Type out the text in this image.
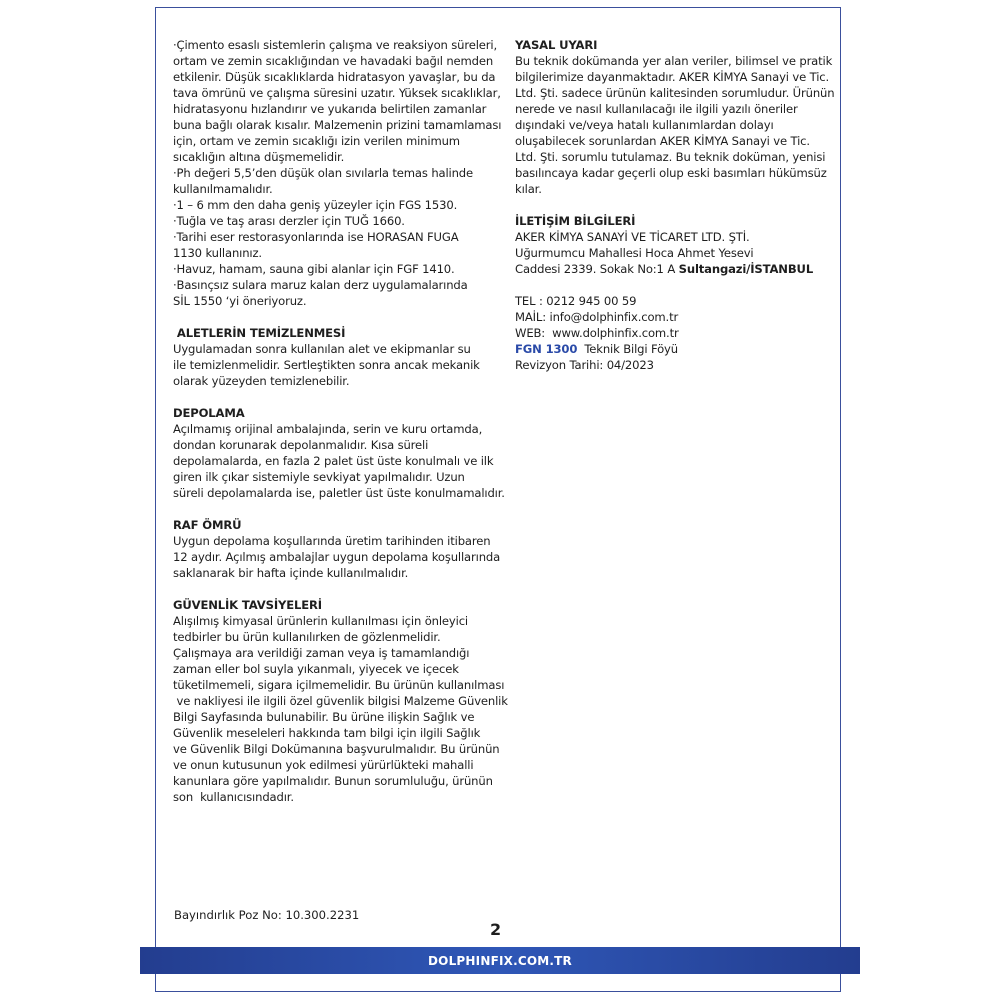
·Çimento esaslı sistemlerin çalışma ve reaksiyon süreleri,
ortam ve zemin sıcaklığından ve havadaki bağıl nemden
etkilenir. Düşük sıcaklıklarda hidratasyon yavaşlar, bu da
tava ömrünü ve çalışma süresini uzatır. Yüksek sıcaklıklar,
hidratasyonu hızlandırır ve yukarıda belirtilen zamanlar
buna bağlı olarak kısalır. Malzemenin prizini tamamlaması
için, ortam ve zemin sıcaklığı izin verilen minimum
sıcaklığın altına düşmemelidir.
·Ph değeri 5,5’den düşük olan sıvılarla temas halinde
kullanılmamalıdır.
·1 – 6 mm den daha geniş yüzeyler için FGS 1530.
·Tuğla ve taş arası derzler için TUĞ 1660.
·Tarihi eser restorasyonlarında ise HORASAN FUGA
1130 kullanınız.
·Havuz, hamam, sauna gibi alanlar için FGF 1410.
·Basınçsız sulara maruz kalan derz uygulamalarında
SİL 1550 ‘yi öneriyoruz.
ALETLERİN TEMİZLENMESİ
Uygulamadan sonra kullanılan alet ve ekipmanlar su
ile temizlenmelidir. Sertleştikten sonra ancak mekanik
olarak yüzeyden temizlenebilir.
DEPOLAMA
Açılmamış orijinal ambalajında, serin ve kuru ortamda,
dondan korunarak depolanmalıdır. Kısa süreli
depolamalarda, en fazla 2 palet üst üste konulmalı ve ilk
giren ilk çıkar sistemiyle sevkiyat yapılmalıdır. Uzun
süreli depolamalarda ise, paletler üst üste konulmamalıdır.
RAF ÖMRÜ
Uygun depolama koşullarında üretim tarihinden itibaren
12 aydır. Açılmış ambalajlar uygun depolama koşullarında
saklanarak bir hafta içinde kullanılmalıdır.
GÜVENLİK TAVSİYELERİ
Alışılmış kimyasal ürünlerin kullanılması için önleyici
tedbirler bu ürün kullanılırken de gözlenmelidir.
Çalışmaya ara verildiği zaman veya iş tamamlandığı
zaman eller bol suyla yıkanmalı, yiyecek ve içecek
tüketilmemeli, sigara içilmemelidir. Bu ürünün kullanılması
ve nakliyesi ile ilgili özel güvenlik bilgisi Malzeme Güvenlik
Bilgi Sayfasında bulunabilir. Bu ürüne ilişkin Sağlık ve
Güvenlik meseleleri hakkında tam bilgi için ilgili Sağlık
ve Güvenlik Bilgi Dokümanına başvurulmalıdır. Bu ürünün
ve onun kutusunun yok edilmesi yürürlükteki mahalli
kanunlara göre yapılmalıdır. Bunun sorumluluğu, ürünün
son  kullanıcısındadır.
YASAL UYARI
Bu teknik dokümanda yer alan veriler, bilimsel ve pratik
bilgilerimize dayanmaktadır. AKER KİMYA Sanayi ve Tic.
Ltd. Şti. sadece ürünün kalitesinden sorumludur. Ürünün
nerede ve nasıl kullanılacağı ile ilgili yazılı öneriler
dışındaki ve/veya hatalı kullanımlardan dolayı
oluşabilecek sorunlardan AKER KİMYA Sanayi ve Tic.
Ltd. Şti. sorumlu tutulamaz. Bu teknik doküman, yenisi
basılıncaya kadar geçerli olup eski basımları hükümsüz
kılar.
İLETİŞİM BİLGİLERİ
AKER KİMYA SANAYİ VE TİCARET LTD. ŞTİ.
Uğurmumcu Mahallesi Hoca Ahmet Yesevi
Caddesi 2339. Sokak No:1 A Sultangazi/İSTANBUL
TEL : 0212 945 00 59
MAİL: info@dolphinfix.com.tr
WEB:  www.dolphinfix.com.tr
FGN 1300  Teknik Bilgi Föyü
Revizyon Tarihi: 04/2023
Bayındırlık Poz No: 10.300.2231
2
DOLPHINFIX.COM.TR
